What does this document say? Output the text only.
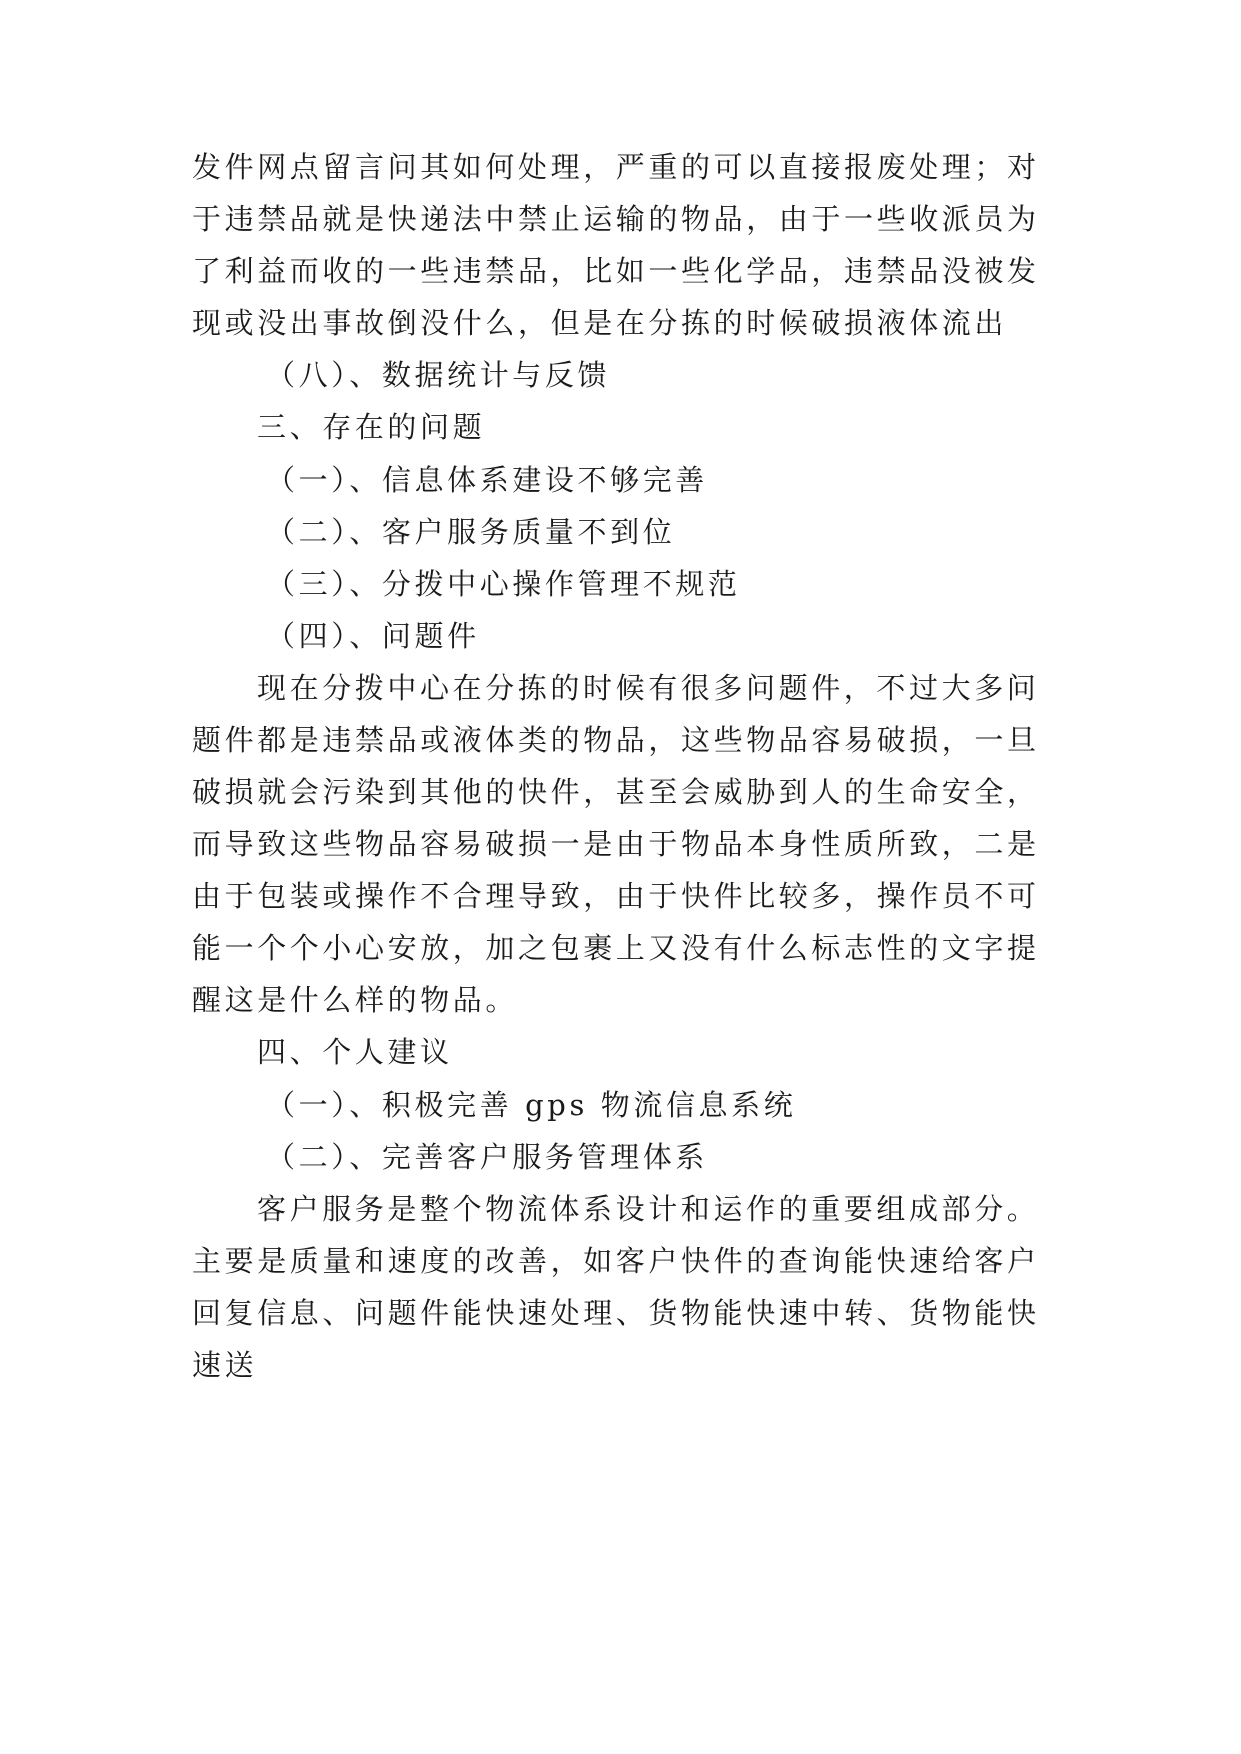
发件网点留言问其如何处理，严重的可以直接报废处理；对
于违禁品就是快递法中禁止运输的物品，由于一些收派员为
了利益而收的一些违禁品，比如一些化学品，违禁品没被发
现或没出事故倒没什么，但是在分拣的时候破损液体流出
（八）、数据统计与反馈
三、存在的问题
（一）、信息体系建设不够完善
（二）、客户服务质量不到位
（三）、分拨中心操作管理不规范
（四）、问题件
现在分拨中心在分拣的时候有很多问题件，不过大多问
题件都是违禁品或液体类的物品，这些物品容易破损，一旦
破损就会污染到其他的快件，甚至会威胁到人的生命安全，
而导致这些物品容易破损一是由于物品本身性质所致，二是
由于包装或操作不合理导致，由于快件比较多，操作员不可
能一个个小心安放，加之包裹上又没有什么标志性的文字提
醒这是什么样的物品。
四、个人建议
（一）、积极完善 gps 物流信息系统
（二）、完善客户服务管理体系
客户服务是整个物流体系设计和运作的重要组成部分。
主要是质量和速度的改善，如客户快件的查询能快速给客户
回复信息、问题件能快速处理、货物能快速中转、货物能快
速送
